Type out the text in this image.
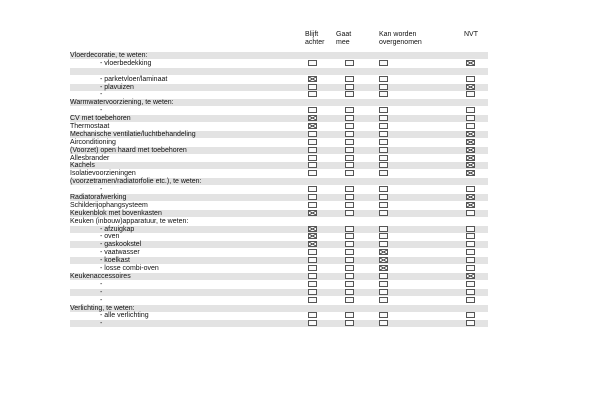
Blijft
achter
Gaat
mee
Kan worden
overgenomen
NVT
Vloerdecoratie, te weten:
- vloerbedekking
- parketvloer/laminaat
- plavuizen
-
Warmwatervoorziening, te weten:
-
CV met toebehoren
Thermostaat
Mechanische ventilatie/luchtbehandeling
Airconditioning
(Voorzet) open haard met toebehoren
Allesbrander
Kachels
Isolatievoorzieningen
(voorzetramen/radiatorfolie etc.), te weten:
-
Radiatorafwerking
Schilderijophangsysteem
Keukenblok met bovenkasten
Keuken (inbouw)apparatuur, te weten:
- afzuigkap
- oven
- gaskookstel
- vaatwasser
- koelkast
- losse combi-oven
Keukenaccessoires
-
-
-
Verlichting, te weten:
- alle verlichting
-
